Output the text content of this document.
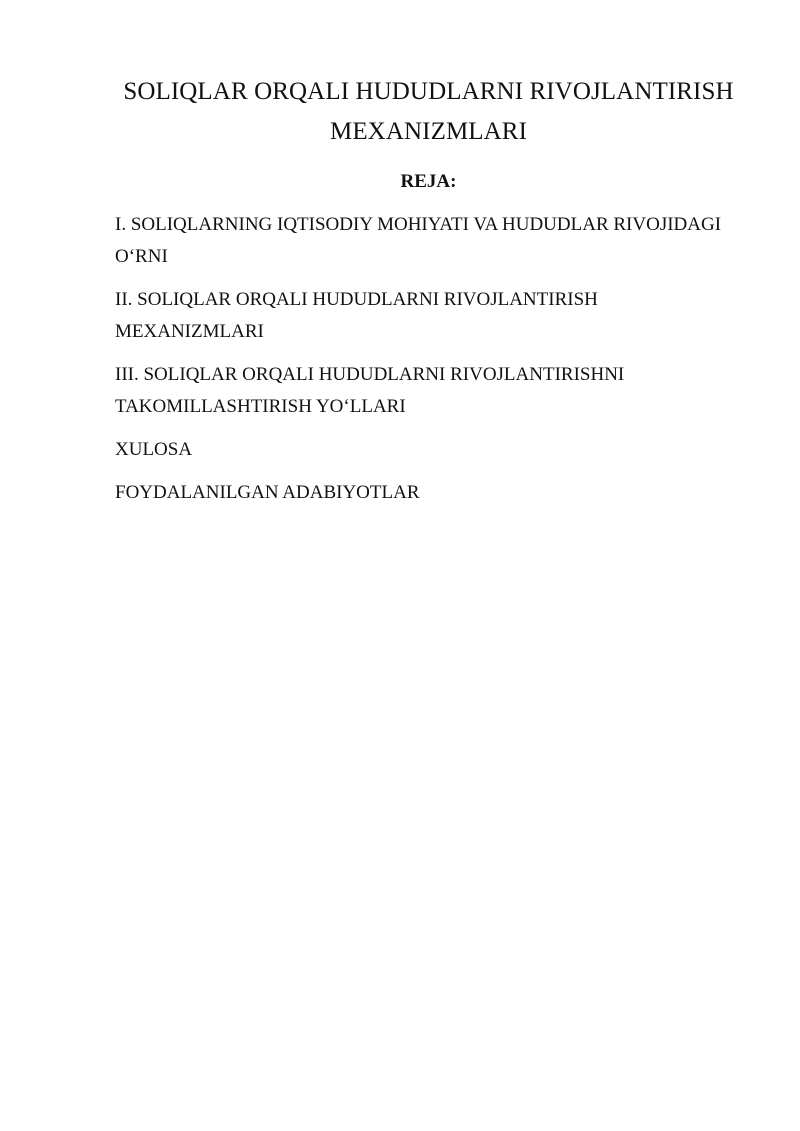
SOLIQLAR ORQALI HUDUDLARNI RIVOJLANTIRISH MEXANIZMLARI
REJA:
I. SOLIQLARNING IQTISODIY MOHIYATI VA HUDUDLAR RIVOJIDAGI O‘RNI
II. SOLIQLAR ORQALI HUDUDLARNI RIVOJLANTIRISH MEXANIZMLARI
III. SOLIQLAR ORQALI HUDUDLARNI RIVOJLANTIRISHNI TAKOMILLASHTIRISH YO‘LLARI
XULOSA
FOYDALANILGAN ADABIYOTLAR
